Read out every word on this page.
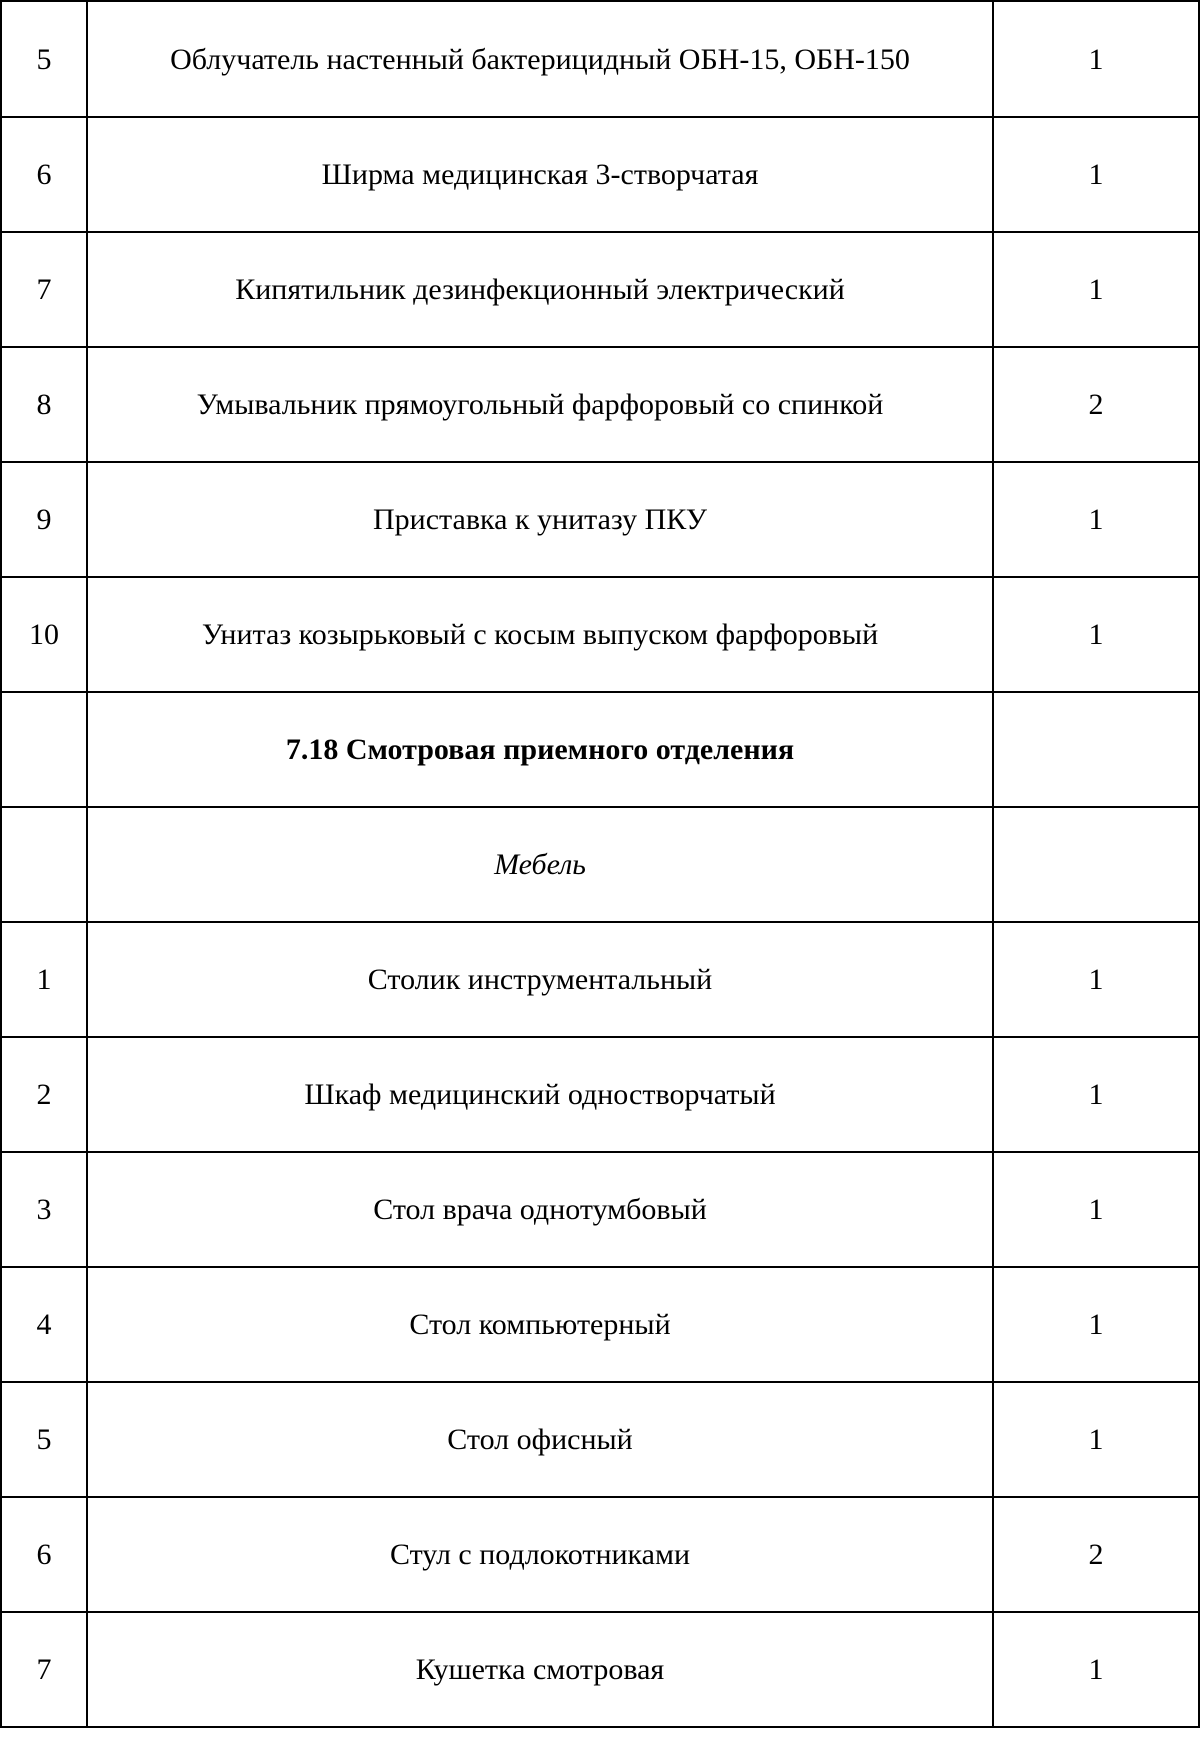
5	Облучатель настенный бактерицидный ОБН-15, ОБН-150	1
6	Ширма медицинская 3-створчатая	1
7	Кипятильник дезинфекционный электрический	1
8	Умывальник прямоугольный фарфоровый со спинкой	2
9	Приставка к унитазу ПКУ	1
10	Унитаз козырьковый с косым выпуском фарфоровый	1
	7.18 Смотровая приемного отделения	
	Мебель	
1	Столик инструментальный	1
2	Шкаф медицинский одностворчатый	1
3	Стол врача однотумбовый	1
4	Стол компьютерный	1
5	Стол офисный	1
6	Стул с подлокотниками	2
7	Кушетка смотровая	1
